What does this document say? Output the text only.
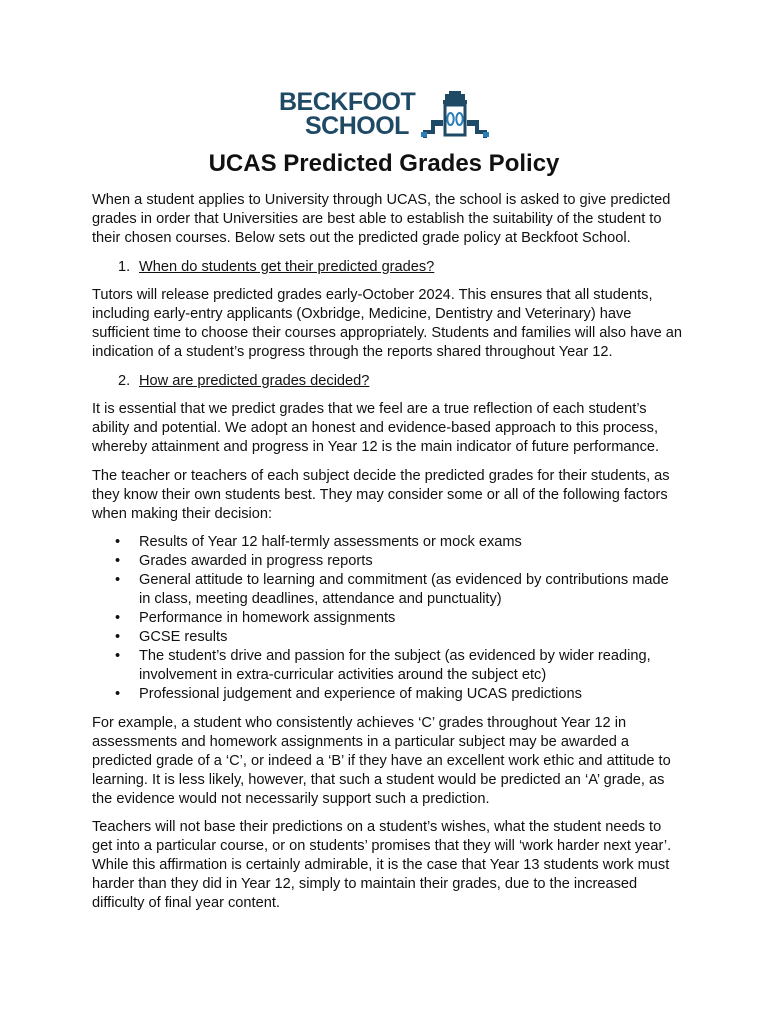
BECKFOOT
SCHOOL
UCAS Predicted Grades Policy

When a student applies to University through UCAS, the school is asked to give predicted grades in order that Universities are best able to establish the suitability of the student to their chosen courses. Below sets out the predicted grade policy at Beckfoot School.

1. When do students get their predicted grades?

Tutors will release predicted grades early-October 2024. This ensures that all students, including early-entry applicants (Oxbridge, Medicine, Dentistry and Veterinary) have sufficient time to choose their courses appropriately. Students and families will also have an indication of a student’s progress through the reports shared throughout Year 12.

2. How are predicted grades decided?

It is essential that we predict grades that we feel are a true reflection of each student’s ability and potential. We adopt an honest and evidence-based approach to this process, whereby attainment and progress in Year 12 is the main indicator of future performance.

The teacher or teachers of each subject decide the predicted grades for their students, as they know their own students best. They may consider some or all of the following factors when making their decision:

• Results of Year 12 half-termly assessments or mock exams
• Grades awarded in progress reports
• General attitude to learning and commitment (as evidenced by contributions made in class, meeting deadlines, attendance and punctuality)
• Performance in homework assignments
• GCSE results
• The student’s drive and passion for the subject (as evidenced by wider reading, involvement in extra-curricular activities around the subject etc)
• Professional judgement and experience of making UCAS predictions

For example, a student who consistently achieves ‘C’ grades throughout Year 12 in assessments and homework assignments in a particular subject may be awarded a predicted grade of a ‘C’, or indeed a ‘B’ if they have an excellent work ethic and attitude to learning. It is less likely, however, that such a student would be predicted an ‘A’ grade, as the evidence would not necessarily support such a prediction.

Teachers will not base their predictions on a student’s wishes, what the student needs to get into a particular course, or on students’ promises that they will ‘work harder next year’. While this affirmation is certainly admirable, it is the case that Year 13 students work must harder than they did in Year 12, simply to maintain their grades, due to the increased difficulty of final year content.
